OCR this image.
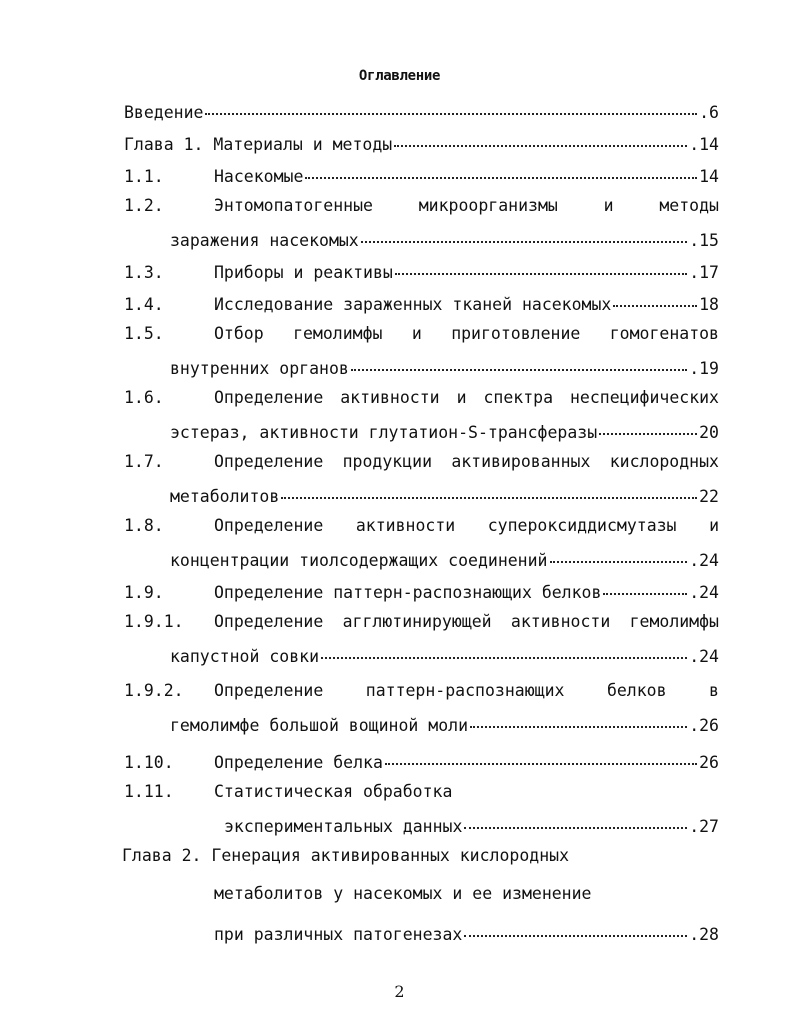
Оглавление
Введение	.6
Глава 1. Материалы и методы	.14
1.1.	Насекомые	14
1.2.	Энтомопатогенные	микроорганизмы	и	методы
заражения насекомых	.15
1.3.	Приборы и реактивы	.17
1.4.	Исследование зараженных тканей насекомых	18
1.5.	Отбор гемолимфы и приготовление гомогенатов
внутренних органов	.19
1.6.	Определение активности и спектра неспецифических
эстераз, активности глутатион-S-трансферазы	20
1.7.	Определение продукции активированных кислородных
метаболитов	22
1.8.	Определение активности супероксиддисмутазы и
концентрации тиолсодержащих соединений	.24
1.9.	Определение паттерн-распознающих белков	.24
1.9.1.	Определение агглютинирующей активности гемолимфы
капустной совки	.24
1.9.2.	Определение	паттерн-распознающих	белков	в
гемолимфе большой вощиной моли	.26
1.10.	Определение белка	26
1.11.	Статистическая обработка
экспериментальных данных	.27
Глава 2. Генерация активированных кислородных
метаболитов у насекомых и ее изменение
при различных патогенезах	.28
2
